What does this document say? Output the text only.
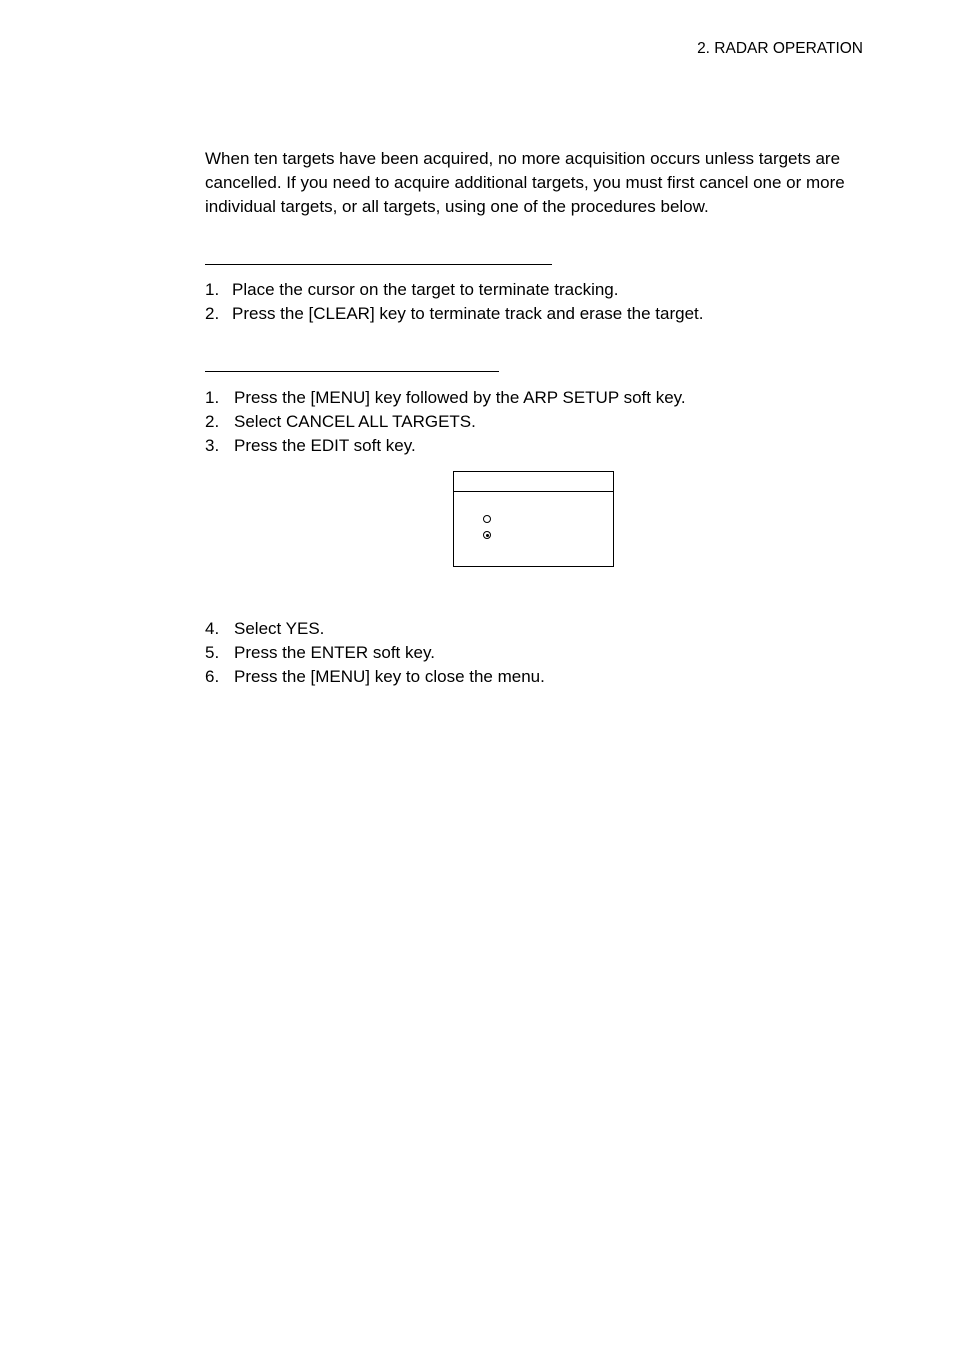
2. RADAR OPERATION

When ten targets have been acquired, no more acquisition occurs unless targets are cancelled. If you need to acquire additional targets, you must first cancel one or more individual targets, or all targets, using one of the procedures below.

1. Place the cursor on the target to terminate tracking.
2. Press the [CLEAR] key to terminate track and erase the target.
1. Press the [MENU] key followed by the ARP SETUP soft key.
2. Select CANCEL ALL TARGETS.
3. Press the EDIT soft key.
4. Select YES.
5. Press the ENTER soft key.
6. Press the [MENU] key to close the menu.
